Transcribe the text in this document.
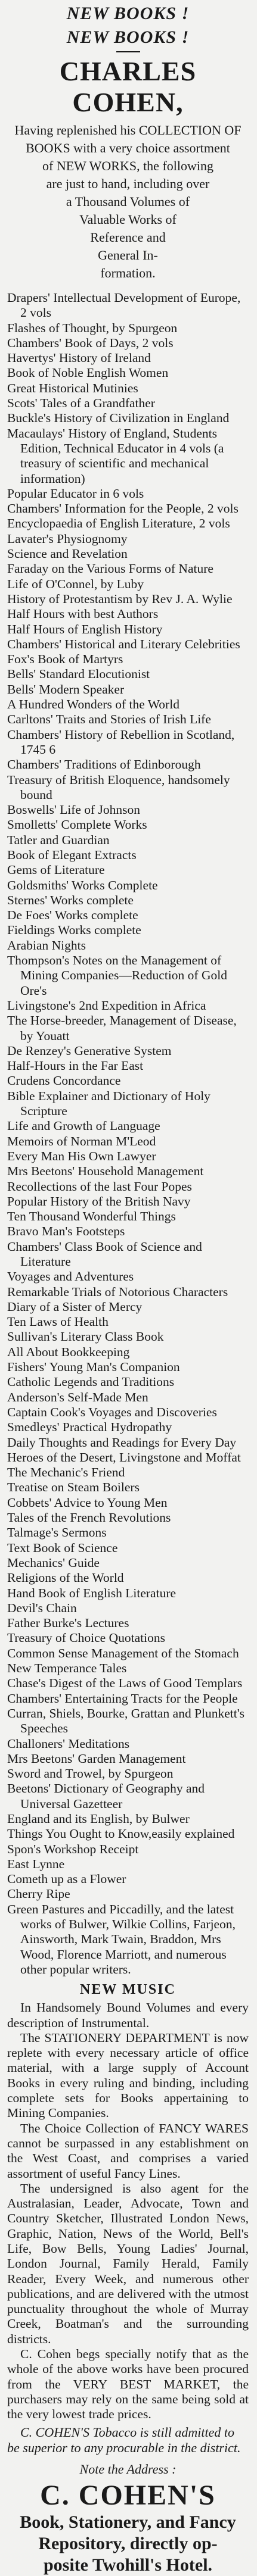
NEW BOOKS !
NEW BOOKS !
CHARLES COHEN,
Having replenished his COLLECTION OF
BOOKS with a very choice assortment
of NEW WORKS, the following
are just to hand, including over
a Thousand Volumes of
Valuable Works of
Reference and
General In-
formation.
Drapers' Intellectual Development of Europe, 2 vols
Flashes of Thought, by Spurgeon
Chambers' Book of Days, 2 vols
Havertys' History of Ireland
Book of Noble English Women
Great Historical Mutinies
Scots' Tales of a Grandfather
Buckle's History of Civilization in England
Macaulays' History of England, Students Edition, Technical Educator in 4 vols (a treasury of scientific and mechanical information)
Popular Educator in 6 vols
Chambers' Information for the People, 2 vols
Encyclopaedia of English Literature, 2 vols
Lavater's Physiognomy
Science and Revelation
Faraday on the Various Forms of Nature
Life of O'Connel, by Luby
History of Protestantism by Rev J. A. Wylie
Half Hours with best Authors
Half Hours of English History
Chambers' Historical and Literary Celebrities
Fox's Book of Martyrs
Bells' Standard Elocutionist
Bells' Modern Speaker
A Hundred Wonders of the World
Carltons' Traits and Stories of Irish Life
Chambers' History of Rebellion in Scotland, 1745 6
Chambers' Traditions of Edinborough
Treasury of British Eloquence, handsomely bound
Boswells' Life of Johnson
Smolletts' Complete Works
Tatler and Guardian
Book of Elegant Extracts
Gems of Literature
Goldsmiths' Works Complete
Sternes' Works complete
De Foes' Works complete
Fieldings Works complete
Arabian Nights
Thompson's Notes on the Management of Mining Companies—Reduction of Gold Ore's
Livingstone's 2nd Expedition in Africa
The Horse-breeder, Management of Disease, by Youatt
De Renzey's Generative System
Half-Hours in the Far East
Crudens Concordance
Bible Explainer and Dictionary of Holy Scripture
Life and Growth of Language
Memoirs of Norman M'Leod
Every Man His Own Lawyer
Mrs Beetons' Household Management
Recollections of the last Four Popes
Popular History of the British Navy
Ten Thousand Wonderful Things
Bravo Man's Footsteps
Chambers' Class Book of Science and Literature
Voyages and Adventures
Remarkable Trials of Notorious Characters
Diary of a Sister of Mercy
Ten Laws of Health
Sullivan's Literary Class Book
All About Bookkeeping
Fishers' Young Man's Companion
Catholic Legends and Traditions
Anderson's Self-Made Men
Captain Cook's Voyages and Discoveries
Smedleys' Practical Hydropathy
Daily Thoughts and Readings for Every Day
Heroes of the Desert, Livingstone and Moffat
The Mechanic's Friend
Treatise on Steam Boilers
Cobbets' Advice to Young Men
Tales of the French Revolutions
Talmage's Sermons
Text Book of Science
Mechanics' Guide
Religions of the World
Hand Book of English Literature
Devil's Chain
Father Burke's Lectures
Treasury of Choice Quotations
Common Sense Management of the Stomach
New Temperance Tales
Chase's Digest of the Laws of Good Templars
Chambers' Entertaining Tracts for the People
Curran, Shiels, Bourke, Grattan and Plunkett's Speeches
Challoners' Meditations
Mrs Beetons' Garden Management
Sword and Trowel, by Spurgeon
Beetons' Dictionary of Geography and Universal Gazetteer
England and its English, by Bulwer
Things You Ought to Know,easily explained
Spon's Workshop Receipt
East Lynne
Cometh up as a Flower
Cherry Ripe
Green Pastures and Piccadilly, and the latest works of Bulwer, Wilkie Collins, Farjeon, Ainsworth, Mark Twain, Braddon, Mrs Wood, Florence Marriott, and numerous other popular writers.
NEW MUSIC
In Handsomely Bound Volumes and every description of Instrumental.
The STATIONERY DEPARTMENT is now replete with every necessary article of office material, with a large supply of Account Books in every ruling and binding, including complete sets for Books appertaining to Mining Companies.
The Choice Collection of FANCY WARES cannot be surpassed in any establishment on the West Coast, and comprises a varied assortment of useful Fancy Lines.
The undersigned is also agent for the Australasian, Leader, Advocate, Town and Country Sketcher, Illustrated London News, Graphic, Nation, News of the World, Bell's Life, Bow Bells, Young Ladies' Journal, London Journal, Family Herald, Family Reader, Every Week, and numerous other publications, and are delivered with the utmost punctuality throughout the whole of Murray Creek, Boatman's and the surrounding districts.
C. Cohen begs specially notify that as the whole of the above works have been procured from the VERY BEST MARKET, the purchasers may rely on the same being sold at the very lowest trade prices.
C. COHEN'S Tobacco is still admitted to be superior to any procurable in the district.
Note the Address :
C. COHEN'S
Book, Stationery, and Fancy
Repository, directly op-
posite Twohill's Hotel.
